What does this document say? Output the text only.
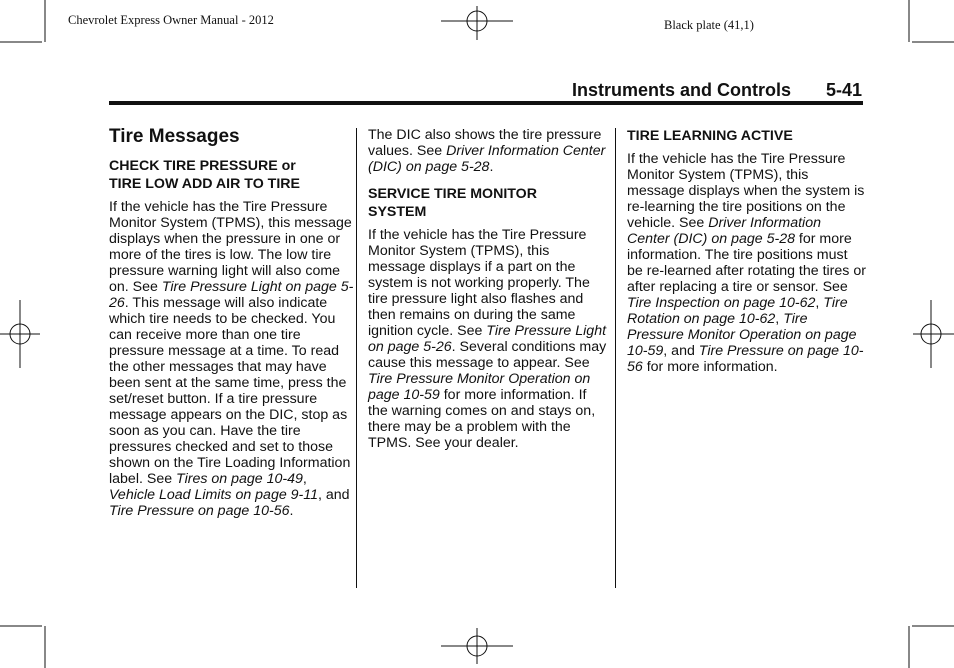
Chevrolet Express Owner Manual - 2012	Black plate (41,1)
Instruments and Controls 5-41

Tire Messages

CHECK TIRE PRESSURE or
TIRE LOW ADD AIR TO TIRE

If the vehicle has the Tire Pressure Monitor System (TPMS), this message displays when the pressure in one or more of the tires is low. The low tire pressure warning light will also come on. See Tire Pressure Light on page 5-26. This message will also indicate which tire needs to be checked. You can receive more than one tire pressure message at a time. To read the other messages that may have been sent at the same time, press the set/reset button. If a tire pressure message appears on the DIC, stop as soon as you can. Have the tire pressures checked and set to those shown on the Tire Loading Information label. See Tires on page 10-49, Vehicle Load Limits on page 9-11, and Tire Pressure on page 10-56.

The DIC also shows the tire pressure values. See Driver Information Center (DIC) on page 5-28.

SERVICE TIRE MONITOR
SYSTEM

If the vehicle has the Tire Pressure Monitor System (TPMS), this message displays if a part on the system is not working properly. The tire pressure light also flashes and then remains on during the same ignition cycle. See Tire Pressure Light on page 5-26. Several conditions may cause this message to appear. See Tire Pressure Monitor Operation on page 10-59 for more information. If the warning comes on and stays on, there may be a problem with the TPMS. See your dealer.

TIRE LEARNING ACTIVE

If the vehicle has the Tire Pressure Monitor System (TPMS), this message displays when the system is re-learning the tire positions on the vehicle. See Driver Information Center (DIC) on page 5-28 for more information. The tire positions must be re-learned after rotating the tires or after replacing a tire or sensor. See Tire Inspection on page 10-62, Tire Rotation on page 10-62, Tire Pressure Monitor Operation on page 10-59, and Tire Pressure on page 10-56 for more information.
